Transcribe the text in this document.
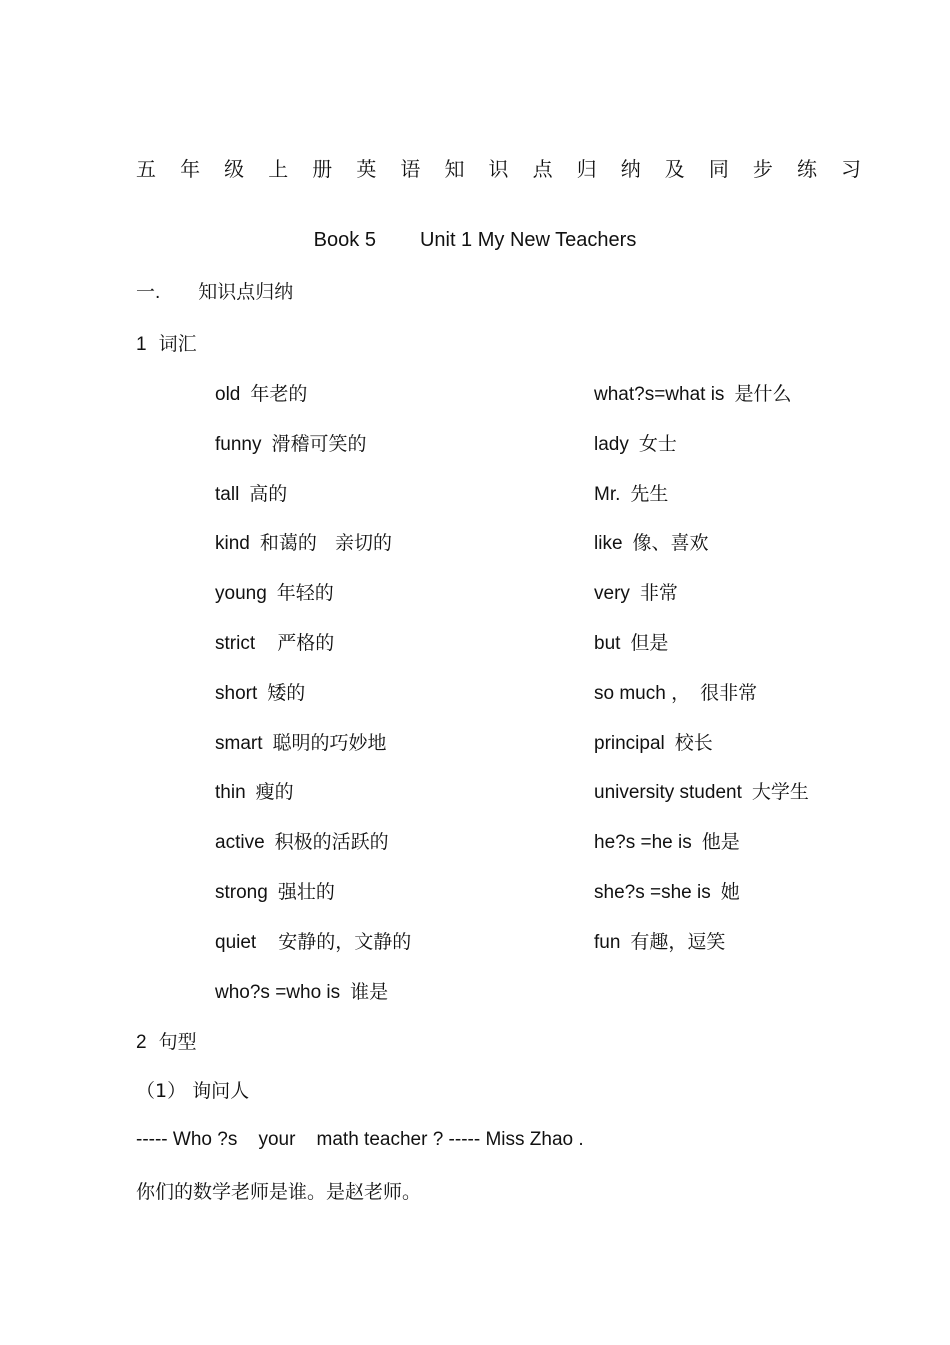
五 年 级 上 册 英 语 知 识 点 归 纳 及 同 步 练 习
Book 5 Unit 1 My New Teachers
一. 知识点归纳
1 词汇
old 年老的
funny 滑稽可笑的
tall 高的
kind 和蔼的   亲切的
young 年轻的
strict  严格的
short 矮的
smart 聪明的巧妙地
thin 瘦的
active 积极的活跃的
strong 强壮的
quiet  安静的，文静的
who?s =who is 谁是
what?s=what is 是什么
lady 女士
Mr. 先生
like 像、喜欢
very 非常
but 但是
so much ， 很非常
principal 校长
university student 大学生
he?s =he is 他是
she?s =she is 她
fun 有趣，逗笑
2 句型
（1） 询问人
----- Who ?s    your    math teacher ? ----- Miss Zhao .
你们的数学老师是谁。是赵老师。
